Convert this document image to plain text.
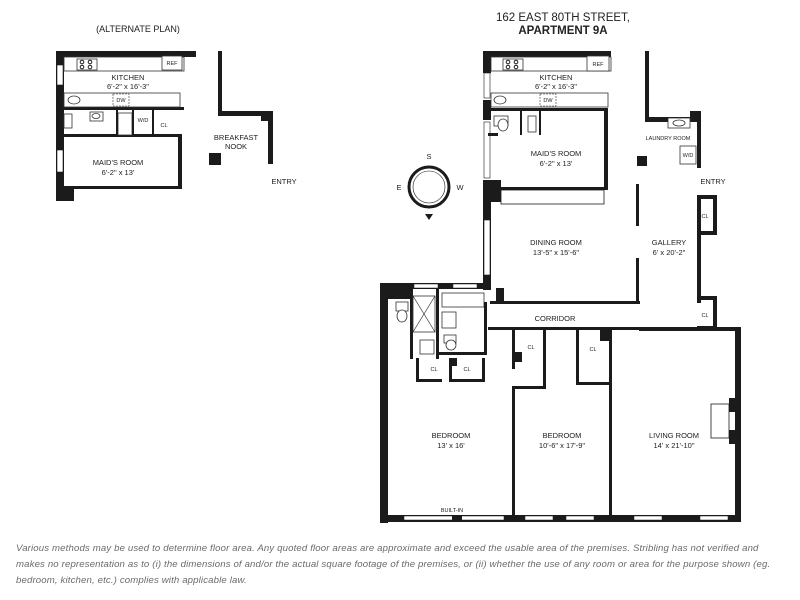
162 EAST 80TH STREET,
APARTMENT 9A
(ALTERNATE PLAN)
REF
DW
KITCHEN
6'-2" x 16'-3"
W/D
CL
MAID'S ROOM
6'-2" x 13'
BREAKFAST
NOOK
ENTRY
S
E	W
REF
DW
KITCHEN
6'-2" x 16'-3"
MAID'S ROOM
6'-2" x 13'
W/D
LAUNDRY ROOM
ENTRY
DINING ROOM
13'-5" x 15'-6"
GALLERY
6' x 20'-2"
CL
CL
CORRIDOR
CL	CL
BEDROOM
13' x 16'
CL	CL
BEDROOM
10'-6" x 17'-9"
LIVING ROOM
14' x 21'-10"
BUILT-IN

Various methods may be used to determine floor area. Any quoted floor areas are approximate and exceed the usable area of the premises. Stribling has not verified and makes no representation as to (i) the dimensions of and/or the actual square footage of the premises, or (ii) whether the use of any room or area for the purpose shown (eg. bedroom, kitchen, etc.) complies with applicable law.
